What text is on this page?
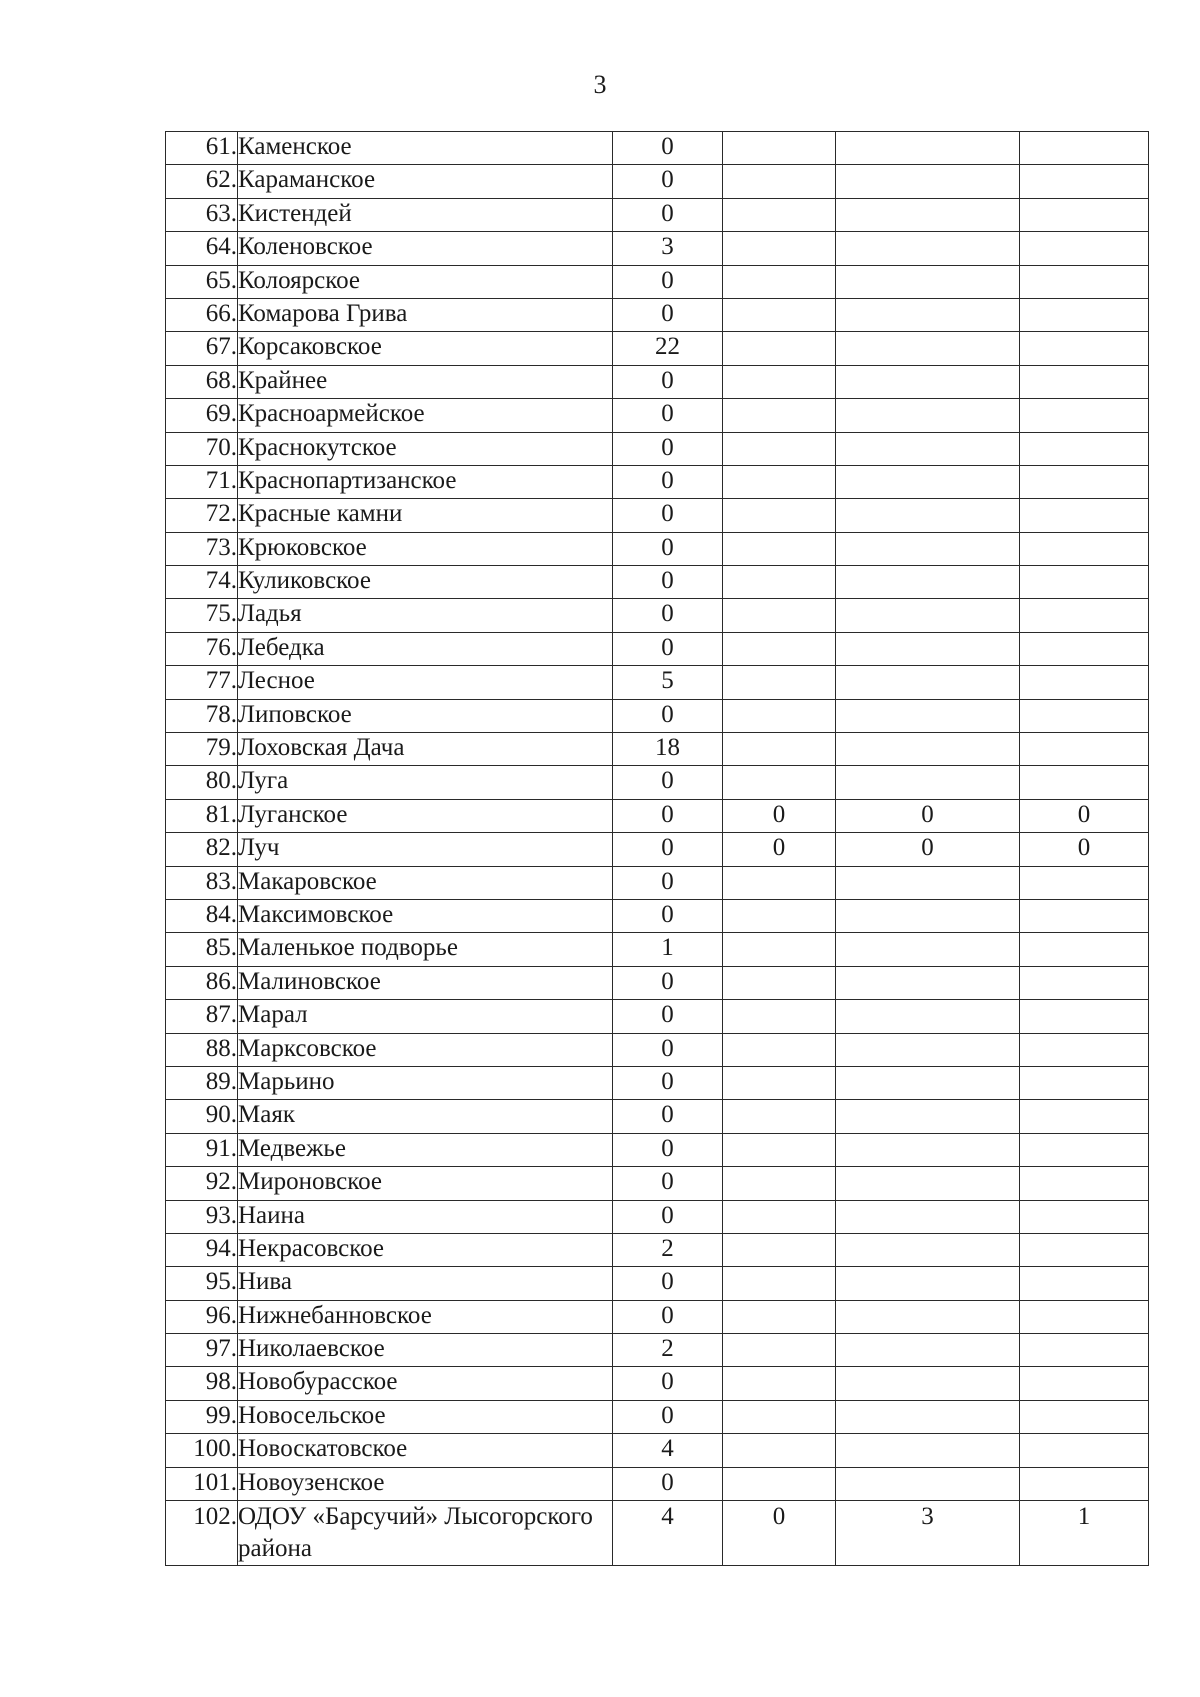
3
61.	Каменское	0			
62.	Караманское	0			
63.	Кистендей	0			
64.	Коленовское	3			
65.	Колоярское	0			
66.	Комарова Грива	0			
67.	Корсаковское	22			
68.	Крайнее	0			
69.	Красноармейское	0			
70.	Краснокутское	0			
71.	Краснопартизанское	0			
72.	Красные камни	0			
73.	Крюковское	0			
74.	Куликовское	0			
75.	Ладья	0			
76.	Лебедка	0			
77.	Лесное	5			
78.	Липовское	0			
79.	Лоховская Дача	18			
80.	Луга	0			
81.	Луганское	0	0	0	0
82.	Луч	0	0	0	0
83.	Макаровское	0			
84.	Максимовское	0			
85.	Маленькое подворье	1			
86.	Малиновское	0			
87.	Марал	0			
88.	Марксовское	0			
89.	Марьино	0			
90.	Маяк	0			
91.	Медвежье	0			
92.	Мироновское	0			
93.	Наина	0			
94.	Некрасовское	2			
95.	Нива	0			
96.	Нижнебанновское	0			
97.	Николаевское	2			
98.	Новобурасское	0			
99.	Новосельское	0			
100.	Новоскатовское	4			
101.	Новоузенское	0			
102.	ОДОУ «Барсучий» Лысогорского района	4	0	3	1
